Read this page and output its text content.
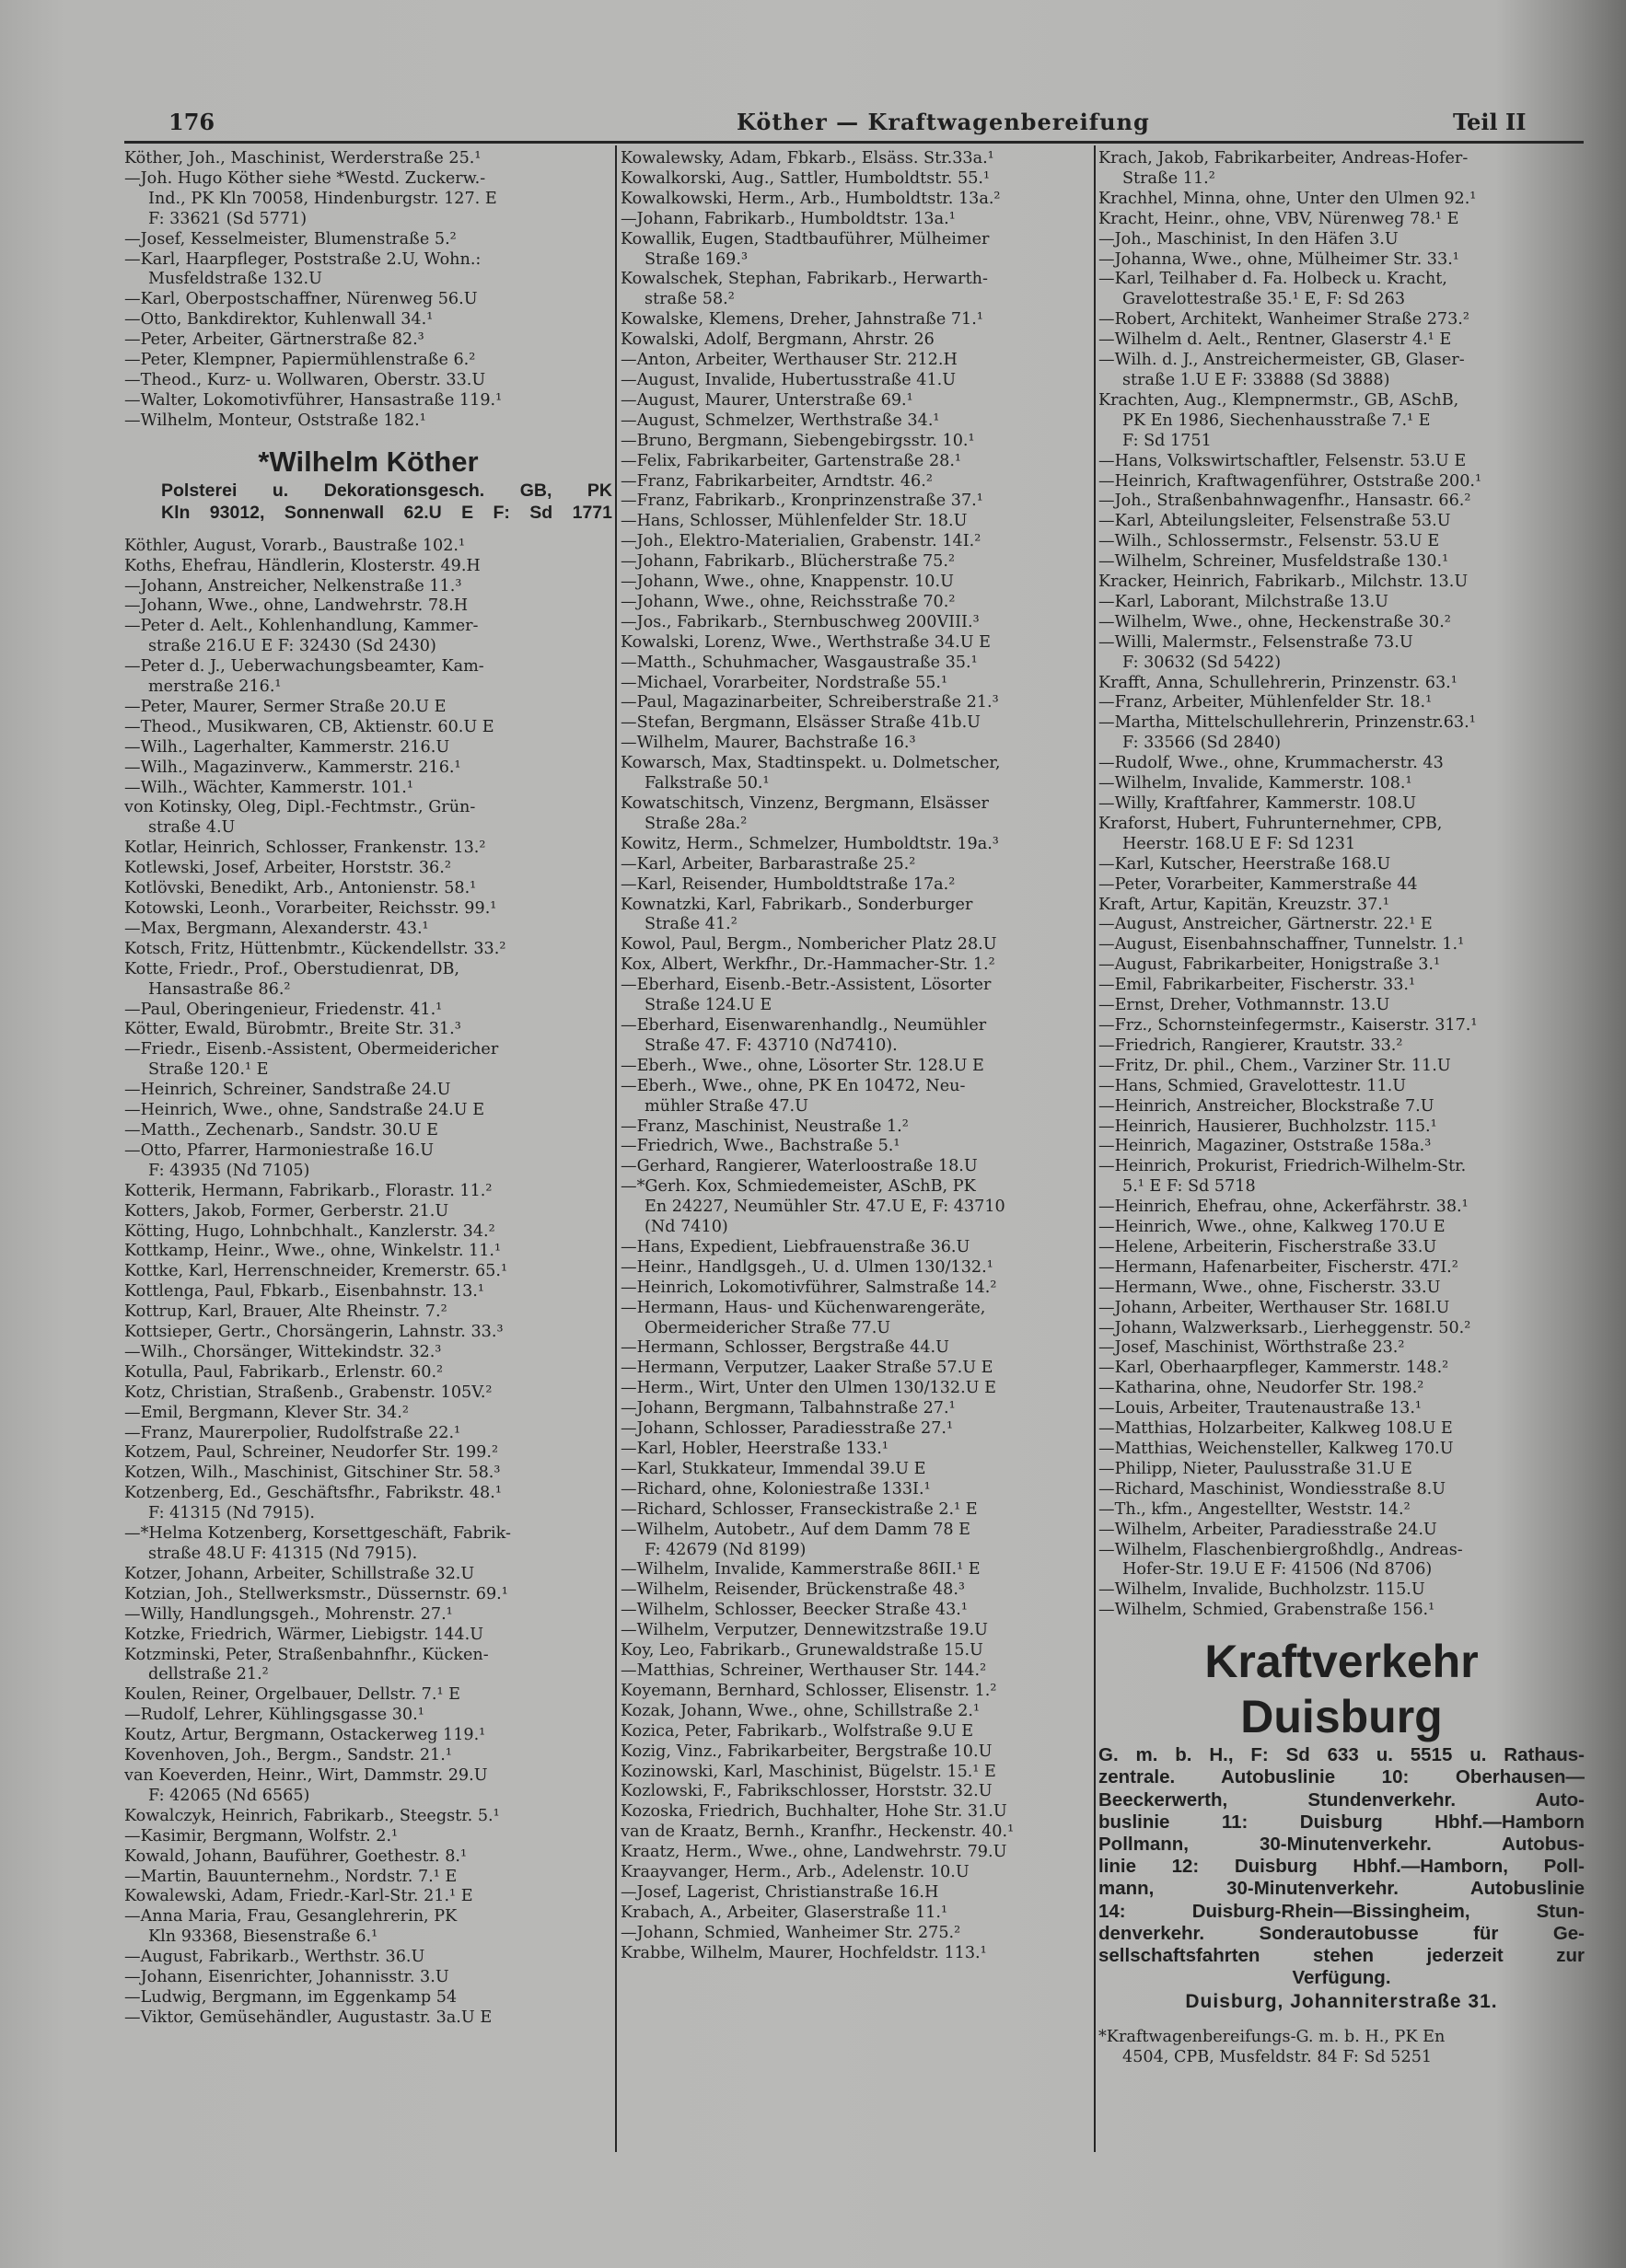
176	Köther — Kraftwagenbereifung	Teil II
Köther, Joh., Maschinist, Werderstraße 25.¹
—Joh. Hugo Köther siehe *Westd. Zuckerw.-
Ind., PK Kln 70058, Hindenburgstr. 127. E
F: 33621 (Sd 5771)
—Josef, Kesselmeister, Blumenstraße 5.²
—Karl, Haarpfleger, Poststraße 2.U, Wohn.:
Musfeldstraße 132.U
—Karl, Oberpostschaffner, Nürenweg 56.U
—Otto, Bankdirektor, Kuhlenwall 34.¹
—Peter, Arbeiter, Gärtnerstraße 82.³
—Peter, Klempner, Papiermühlenstraße 6.²
—Theod., Kurz- u. Wollwaren, Oberstr. 33.U
—Walter, Lokomotivführer, Hansastraße 119.¹
—Wilhelm, Monteur, Oststraße 182.¹
*Wilhelm Köther
Polsterei u. Dekorationsgesch. GB, PK
Kln 93012, Sonnenwall 62.U E F: Sd 1771
Köthler, August, Vorarb., Baustraße 102.¹
Koths, Ehefrau, Händlerin, Klosterstr. 49.H
—Johann, Anstreicher, Nelkenstraße 11.³
—Johann, Wwe., ohne, Landwehrstr. 78.H
—Peter d. Aelt., Kohlenhandlung, Kammer-
straße 216.U E F: 32430 (Sd 2430)
—Peter d. J., Ueberwachungsbeamter, Kam-
merstraße 216.¹
—Peter, Maurer, Sermer Straße 20.U E
—Theod., Musikwaren, CB, Aktienstr. 60.U E
—Wilh., Lagerhalter, Kammerstr. 216.U
—Wilh., Magazinverw., Kammerstr. 216.¹
—Wilh., Wächter, Kammerstr. 101.¹
von Kotinsky, Oleg, Dipl.-Fechtmstr., Grün-
straße 4.U
Kotlar, Heinrich, Schlosser, Frankenstr. 13.²
Kotlewski, Josef, Arbeiter, Horststr. 36.²
Kotlövski, Benedikt, Arb., Antonienstr. 58.¹
Kotowski, Leonh., Vorarbeiter, Reichsstr. 99.¹
—Max, Bergmann, Alexanderstr. 43.¹
Kotsch, Fritz, Hüttenbmtr., Kückendellstr. 33.²
Kotte, Friedr., Prof., Oberstudienrat, DB,
Hansastraße 86.²
—Paul, Oberingenieur, Friedenstr. 41.¹
Kötter, Ewald, Bürobmtr., Breite Str. 31.³
—Friedr., Eisenb.-Assistent, Obermeidericher
Straße 120.¹ E
—Heinrich, Schreiner, Sandstraße 24.U
—Heinrich, Wwe., ohne, Sandstraße 24.U E
—Matth., Zechenarb., Sandstr. 30.U E
—Otto, Pfarrer, Harmoniestraße 16.U
F: 43935 (Nd 7105)
Kotterik, Hermann, Fabrikarb., Florastr. 11.²
Kotters, Jakob, Former, Gerberstr. 21.U
Kötting, Hugo, Lohnbchhalt., Kanzlerstr. 34.²
Kottkamp, Heinr., Wwe., ohne, Winkelstr. 11.¹
Kottke, Karl, Herrenschneider, Kremerstr. 65.¹
Kottlenga, Paul, Fbkarb., Eisenbahnstr. 13.¹
Kottrup, Karl, Brauer, Alte Rheinstr. 7.²
Kottsieper, Gertr., Chorsängerin, Lahnstr. 33.³
—Wilh., Chorsänger, Wittekindstr. 32.³
Kotulla, Paul, Fabrikarb., Erlenstr. 60.²
Kotz, Christian, Straßenb., Grabenstr. 105V.²
—Emil, Bergmann, Klever Str. 34.²
—Franz, Maurerpolier, Rudolfstraße 22.¹
Kotzem, Paul, Schreiner, Neudorfer Str. 199.²
Kotzen, Wilh., Maschinist, Gitschiner Str. 58.³
Kotzenberg, Ed., Geschäftsfhr., Fabrikstr. 48.¹
F: 41315 (Nd 7915).
—*Helma Kotzenberg, Korsettgeschäft, Fabrik-
straße 48.U F: 41315 (Nd 7915).
Kotzer, Johann, Arbeiter, Schillstraße 32.U
Kotzian, Joh., Stellwerksmstr., Düssernstr. 69.¹
—Willy, Handlungsgeh., Mohrenstr. 27.¹
Kotzke, Friedrich, Wärmer, Liebigstr. 144.U
Kotzminski, Peter, Straßenbahnfhr., Kücken-
dellstraße 21.²
Koulen, Reiner, Orgelbauer, Dellstr. 7.¹ E
—Rudolf, Lehrer, Kühlingsgasse 30.¹
Koutz, Artur, Bergmann, Ostackerweg 119.¹
Kovenhoven, Joh., Bergm., Sandstr. 21.¹
van Koeverden, Heinr., Wirt, Dammstr. 29.U
F: 42065 (Nd 6565)
Kowalczyk, Heinrich, Fabrikarb., Steegstr. 5.¹
—Kasimir, Bergmann, Wolfstr. 2.¹
Kowald, Johann, Bauführer, Goethestr. 8.¹
—Martin, Bauunternehm., Nordstr. 7.¹ E
Kowalewski, Adam, Friedr.-Karl-Str. 21.¹ E
—Anna Maria, Frau, Gesanglehrerin, PK
Kln 93368, Biesenstraße 6.¹
—August, Fabrikarb., Werthstr. 36.U
—Johann, Eisenrichter, Johannisstr. 3.U
—Ludwig, Bergmann, im Eggenkamp 54
—Viktor, Gemüsehändler, Augustastr. 3a.U E
Kowalewsky, Adam, Fbkarb., Elsäss. Str.33a.¹
Kowalkorski, Aug., Sattler, Humboldtstr. 55.¹
Kowalkowski, Herm., Arb., Humboldtstr. 13a.²
—Johann, Fabrikarb., Humboldtstr. 13a.¹
Kowallik, Eugen, Stadtbauführer, Mülheimer
Straße 169.³
Kowalschek, Stephan, Fabrikarb., Herwarth-
straße 58.²
Kowalske, Klemens, Dreher, Jahnstraße 71.¹
Kowalski, Adolf, Bergmann, Ahrstr. 26
—Anton, Arbeiter, Werthauser Str. 212.H
—August, Invalide, Hubertusstraße 41.U
—August, Maurer, Unterstraße 69.¹
—August, Schmelzer, Werthstraße 34.¹
—Bruno, Bergmann, Siebengebirgsstr. 10.¹
—Felix, Fabrikarbeiter, Gartenstraße 28.¹
—Franz, Fabrikarbeiter, Arndtstr. 46.²
—Franz, Fabrikarb., Kronprinzenstraße 37.¹
—Hans, Schlosser, Mühlenfelder Str. 18.U
—Joh., Elektro-Materialien, Grabenstr. 14I.²
—Johann, Fabrikarb., Blücherstraße 75.²
—Johann, Wwe., ohne, Knappenstr. 10.U
—Johann, Wwe., ohne, Reichsstraße 70.²
—Jos., Fabrikarb., Sternbuschweg 200VIII.³
Kowalski, Lorenz, Wwe., Werthstraße 34.U E
—Matth., Schuhmacher, Wasgaustraße 35.¹
—Michael, Vorarbeiter, Nordstraße 55.¹
—Paul, Magazinarbeiter, Schreiberstraße 21.³
—Stefan, Bergmann, Elsässer Straße 41b.U
—Wilhelm, Maurer, Bachstraße 16.³
Kowarsch, Max, Stadtinspekt. u. Dolmetscher,
Falkstraße 50.¹
Kowatschitsch, Vinzenz, Bergmann, Elsässer
Straße 28a.²
Kowitz, Herm., Schmelzer, Humboldtstr. 19a.³
—Karl, Arbeiter, Barbarastraße 25.²
—Karl, Reisender, Humboldtstraße 17a.²
Kownatzki, Karl, Fabrikarb., Sonderburger
Straße 41.²
Kowol, Paul, Bergm., Nombericher Platz 28.U
Kox, Albert, Werkfhr., Dr.-Hammacher-Str. 1.²
—Eberhard, Eisenb.-Betr.-Assistent, Lösorter
Straße 124.U E
—Eberhard, Eisenwarenhandlg., Neumühler
Straße 47. F: 43710 (Nd7410).
—Eberh., Wwe., ohne, Lösorter Str. 128.U E
—Eberh., Wwe., ohne, PK En 10472, Neu-
mühler Straße 47.U
—Franz, Maschinist, Neustraße 1.²
—Friedrich, Wwe., Bachstraße 5.¹
—Gerhard, Rangierer, Waterloostraße 18.U
—*Gerh. Kox, Schmiedemeister, ASchB, PK
En 24227, Neumühler Str. 47.U E, F: 43710
(Nd 7410)
—Hans, Expedient, Liebfrauenstraße 36.U
—Heinr., Handlgsgeh., U. d. Ulmen 130/132.¹
—Heinrich, Lokomotivführer, Salmstraße 14.²
—Hermann, Haus- und Küchenwarengeräte,
Obermeidericher Straße 77.U
—Hermann, Schlosser, Bergstraße 44.U
—Hermann, Verputzer, Laaker Straße 57.U E
—Herm., Wirt, Unter den Ulmen 130/132.U E
—Johann, Bergmann, Talbahnstraße 27.¹
—Johann, Schlosser, Paradiesstraße 27.¹
—Karl, Hobler, Heerstraße 133.¹
—Karl, Stukkateur, Immendal 39.U E
—Richard, ohne, Koloniestraße 133I.¹
—Richard, Schlosser, Franseckistraße 2.¹ E
—Wilhelm, Autobetr., Auf dem Damm 78 E
F: 42679 (Nd 8199)
—Wilhelm, Invalide, Kammerstraße 86II.¹ E
—Wilhelm, Reisender, Brückenstraße 48.³
—Wilhelm, Schlosser, Beecker Straße 43.¹
—Wilhelm, Verputzer, Dennewitzstraße 19.U
Koy, Leo, Fabrikarb., Grunewaldstraße 15.U
—Matthias, Schreiner, Werthauser Str. 144.²
Koyemann, Bernhard, Schlosser, Elisenstr. 1.²
Kozak, Johann, Wwe., ohne, Schillstraße 2.¹
Kozica, Peter, Fabrikarb., Wolfstraße 9.U E
Kozig, Vinz., Fabrikarbeiter, Bergstraße 10.U
Kozinowski, Karl, Maschinist, Bügelstr. 15.¹ E
Kozlowski, F., Fabrikschlosser, Horststr. 32.U
Kozoska, Friedrich, Buchhalter, Hohe Str. 31.U
van de Kraatz, Bernh., Kranfhr., Heckenstr. 40.¹
Kraatz, Herm., Wwe., ohne, Landwehrstr. 79.U
Kraayvanger, Herm., Arb., Adelenstr. 10.U
—Josef, Lagerist, Christianstraße 16.H
Krabach, A., Arbeiter, Glaserstraße 11.¹
—Johann, Schmied, Wanheimer Str. 275.²
Krabbe, Wilhelm, Maurer, Hochfeldstr. 113.¹
Krach, Jakob, Fabrikarbeiter, Andreas-Hofer-
Straße 11.²
Krachhel, Minna, ohne, Unter den Ulmen 92.¹
Kracht, Heinr., ohne, VBV, Nürenweg 78.¹ E
—Joh., Maschinist, In den Häfen 3.U
—Johanna, Wwe., ohne, Mülheimer Str. 33.¹
—Karl, Teilhaber d. Fa. Holbeck u. Kracht,
Gravelottestraße 35.¹ E, F: Sd 263
—Robert, Architekt, Wanheimer Straße 273.²
—Wilhelm d. Aelt., Rentner, Glaserstr 4.¹ E
—Wilh. d. J., Anstreichermeister, GB, Glaser-
straße 1.U E F: 33888 (Sd 3888)
Krachten, Aug., Klempnermstr., GB, ASchB,
PK En 1986, Siechenhausstraße 7.¹ E
F: Sd 1751
—Hans, Volkswirtschaftler, Felsenstr. 53.U E
—Heinrich, Kraftwagenführer, Oststraße 200.¹
—Joh., Straßenbahnwagenfhr., Hansastr. 66.²
—Karl, Abteilungsleiter, Felsenstraße 53.U
—Wilh., Schlossermstr., Felsenstr. 53.U E
—Wilhelm, Schreiner, Musfeldstraße 130.¹
Kracker, Heinrich, Fabrikarb., Milchstr. 13.U
—Karl, Laborant, Milchstraße 13.U
—Wilhelm, Wwe., ohne, Heckenstraße 30.²
—Willi, Malermstr., Felsenstraße 73.U
F: 30632 (Sd 5422)
Krafft, Anna, Schullehrerin, Prinzenstr. 63.¹
—Franz, Arbeiter, Mühlenfelder Str. 18.¹
—Martha, Mittelschullehrerin, Prinzenstr.63.¹
F: 33566 (Sd 2840)
—Rudolf, Wwe., ohne, Krummacherstr. 43
—Wilhelm, Invalide, Kammerstr. 108.¹
—Willy, Kraftfahrer, Kammerstr. 108.U
Kraforst, Hubert, Fuhrunternehmer, CPB,
Heerstr. 168.U E F: Sd 1231
—Karl, Kutscher, Heerstraße 168.U
—Peter, Vorarbeiter, Kammerstraße 44
Kraft, Artur, Kapitän, Kreuzstr. 37.¹
—August, Anstreicher, Gärtnerstr. 22.¹ E
—August, Eisenbahnschaffner, Tunnelstr. 1.¹
—August, Fabrikarbeiter, Honigstraße 3.¹
—Emil, Fabrikarbeiter, Fischerstr. 33.¹
—Ernst, Dreher, Vothmannstr. 13.U
—Frz., Schornsteinfegermstr., Kaiserstr. 317.¹
—Friedrich, Rangierer, Krautstr. 33.²
—Fritz, Dr. phil., Chem., Varziner Str. 11.U
—Hans, Schmied, Gravelottestr. 11.U
—Heinrich, Anstreicher, Blockstraße 7.U
—Heinrich, Hausierer, Buchholzstr. 115.¹
—Heinrich, Magaziner, Oststraße 158a.³
—Heinrich, Prokurist, Friedrich-Wilhelm-Str.
5.¹ E F: Sd 5718
—Heinrich, Ehefrau, ohne, Ackerfährstr. 38.¹
—Heinrich, Wwe., ohne, Kalkweg 170.U E
—Helene, Arbeiterin, Fischerstraße 33.U
—Hermann, Hafenarbeiter, Fischerstr. 47I.²
—Hermann, Wwe., ohne, Fischerstr. 33.U
—Johann, Arbeiter, Werthauser Str. 168I.U
—Johann, Walzwerksarb., Lierheggenstr. 50.²
—Josef, Maschinist, Wörthstraße 23.²
—Karl, Oberhaarpfleger, Kammerstr. 148.²
—Katharina, ohne, Neudorfer Str. 198.²
—Louis, Arbeiter, Trautenaustraße 13.¹
—Matthias, Holzarbeiter, Kalkweg 108.U E
—Matthias, Weichensteller, Kalkweg 170.U
—Philipp, Nieter, Paulusstraße 31.U E
—Richard, Maschinist, Wondiesstraße 8.U
—Th., kfm., Angestellter, Weststr. 14.²
—Wilhelm, Arbeiter, Paradiesstraße 24.U
—Wilhelm, Flaschenbiergroßhdlg., Andreas-
Hofer-Str. 19.U E F: 41506 (Nd 8706)
—Wilhelm, Invalide, Buchholzstr. 115.U
—Wilhelm, Schmied, Grabenstraße 156.¹
Kraftverkehr Duisburg
G. m. b. H., F: Sd 633 u. 5515 u. Rathaus-
zentrale. Autobuslinie 10: Oberhausen—
Beeckerwerth, Stundenverkehr. Auto-
buslinie 11: Duisburg Hbhf.—Hamborn
Pollmann, 30-Minutenverkehr. Autobus-
linie 12: Duisburg Hbhf.—Hamborn, Poll-
mann, 30-Minutenverkehr. Autobuslinie
14: Duisburg-Rhein—Bissingheim, Stun-
denverkehr. Sonderautobusse für Ge-
sellschaftsfahrten stehen jederzeit zur
Verfügung.
Duisburg, Johanniterstraße 31.
*Kraftwagenbereifungs-G. m. b. H., PK En
4504, CPB, Musfeldstr. 84 F: Sd 5251
